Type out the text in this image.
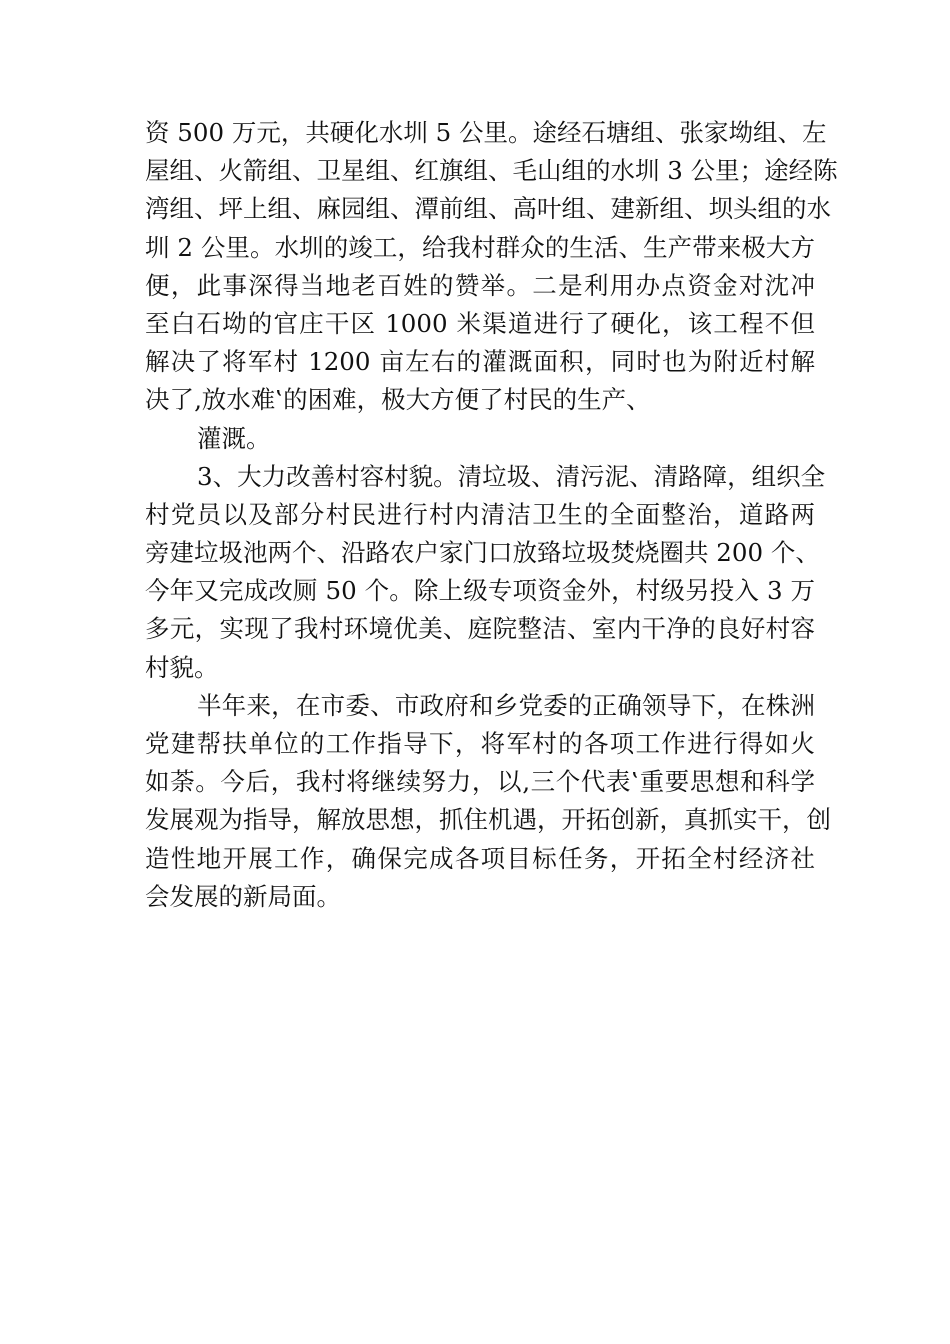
资 500 万元，共硬化水圳 5 公里。途经石塘组、张家坳组、左
屋组、火箭组、卫星组、红旗组、毛山组的水圳 3 公里；途经陈
湾组、坪上组、麻园组、潭前组、高叶组、建新组、坝头组的水
圳 2 公里。水圳的竣工，给我村群众的生活、生产带来极大方
便，此事深得当地老百姓的赞举。二是利用办点资金对沈冲
至白石坳的官庄干区 1000 米渠道进行了硬化，该工程不但
解决了将军村 1200 亩左右的灌溉面积，同时也为附近村解
决了‚放水难‛的困难，极大方便了村民的生产、
灌溉。
3、大力改善村容村貌。清垃圾、清污泥、清路障，组织全
村党员以及部分村民进行村内清洁卫生的全面整治，道路两
旁建垃圾池两个、沿路农户家门口放臵垃圾焚烧圈共 200 个、
今年又完成改厕 50 个。除上级专项资金外，村级另投入 3 万
多元，实现了我村环境优美、庭院整洁、室内干净的良好村容
村貌。
半年来，在市委、市政府和乡党委的正确领导下，在株洲
党建帮扶单位的工作指导下，将军村的各项工作进行得如火
如荼。今后，我村将继续努力，以‚三个代表‛重要思想和科学
发展观为指导，解放思想，抓住机遇，开拓创新，真抓实干，创
造性地开展工作，确保完成各项目标任务，开拓全村经济社
会发展的新局面。
